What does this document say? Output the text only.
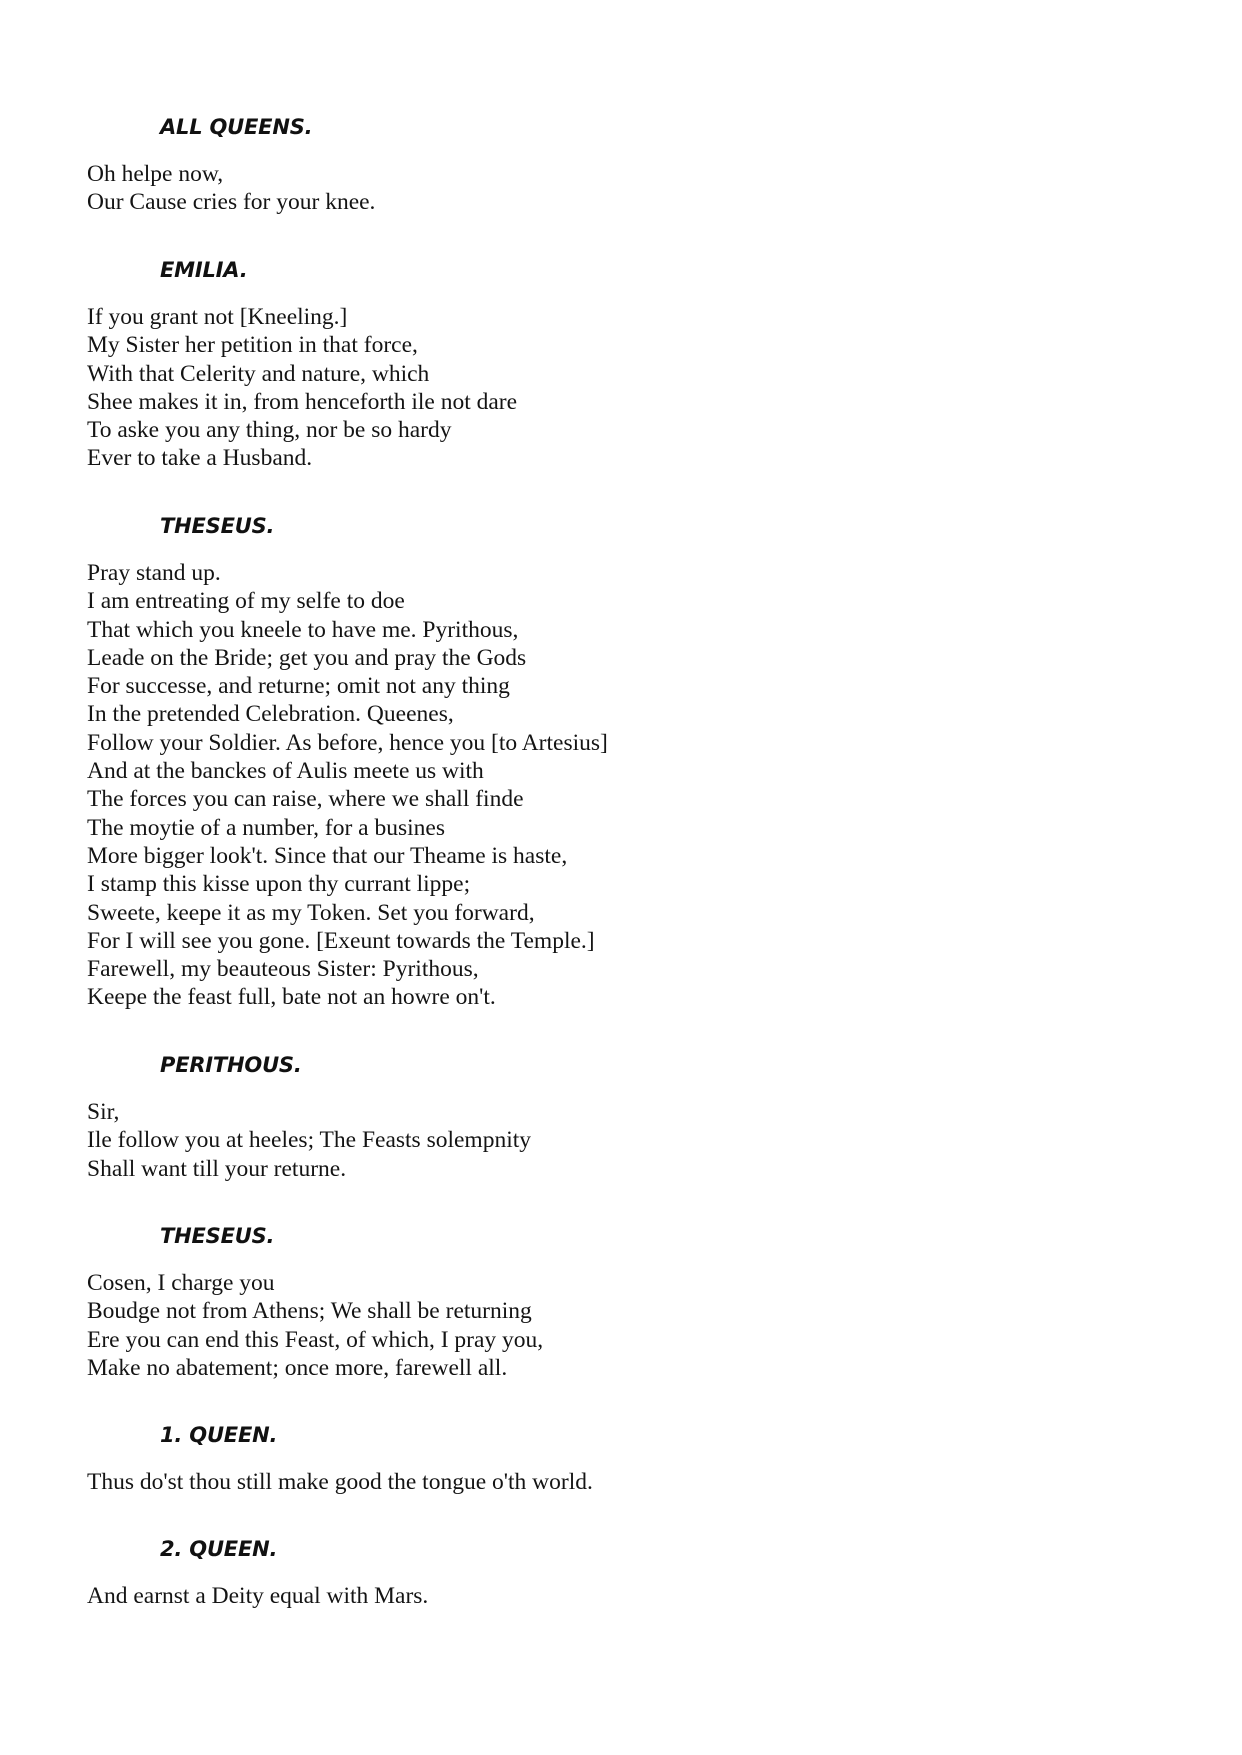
ALL QUEENS.
Oh helpe now,
Our Cause cries for your knee.
EMILIA.
If you grant not [Kneeling.]
My Sister her petition in that force,
With that Celerity and nature, which
Shee makes it in, from henceforth ile not dare
To aske you any thing, nor be so hardy
Ever to take a Husband.
THESEUS.
Pray stand up.
I am entreating of my selfe to doe
That which you kneele to have me. Pyrithous,
Leade on the Bride; get you and pray the Gods
For successe, and returne; omit not any thing
In the pretended Celebration. Queenes,
Follow your Soldier. As before, hence you [to Artesius]
And at the banckes of Aulis meete us with
The forces you can raise, where we shall finde
The moytie of a number, for a busines
More bigger look't. Since that our Theame is haste,
I stamp this kisse upon thy currant lippe;
Sweete, keepe it as my Token. Set you forward,
For I will see you gone. [Exeunt towards the Temple.]
Farewell, my beauteous Sister: Pyrithous,
Keepe the feast full, bate not an howre on't.
PERITHOUS.
Sir,
Ile follow you at heeles; The Feasts solempnity
Shall want till your returne.
THESEUS.
Cosen, I charge you
Boudge not from Athens; We shall be returning
Ere you can end this Feast, of which, I pray you,
Make no abatement; once more, farewell all.
1. QUEEN.
Thus do'st thou still make good the tongue o'th world.
2. QUEEN.
And earnst a Deity equal with Mars.
